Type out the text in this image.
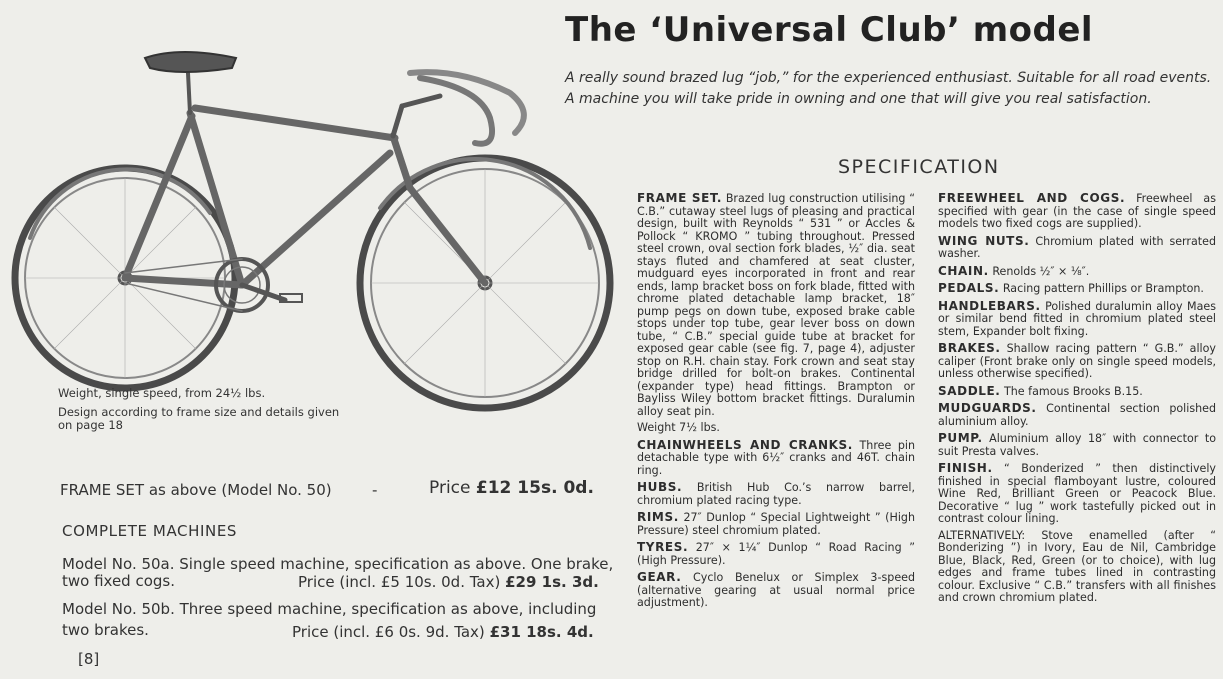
The ‘Universal Club’ model
A really sound brazed lug “job,” for the experienced enthusiast. Suitable for all road events.
A machine you will take pride in owning and one that will give you real satisfaction.
SPECIFICATION

FRAME SET. Brazed lug construction utilising “ C.B.” cutaway steel lugs of pleasing and practical design, built with Reynolds “ 531 ” or Accles & Pollock “ KROMO ” tubing throughout. Pressed steel crown, oval section fork blades, ½″ dia. seat stays fluted and chamfered at seat cluster, mudguard eyes incorporated in front and rear ends, lamp bracket boss on fork blade, fitted with chrome plated detachable lamp bracket, 18″ pump pegs on down tube, exposed brake cable stops under top tube, gear lever boss on down tube, “ C.B.” special guide tube at bracket for exposed gear cable (see fig. 7, page 4), adjuster stop on R.H. chain stay. Fork crown and seat stay bridge drilled for bolt-on brakes. Continental (expander type) head fittings. Brampton or Bayliss Wiley bottom bracket fittings. Duralumin alloy seat pin.

Weight 7½ lbs.

CHAINWHEELS AND CRANKS. Three pin detachable type with 6½″ cranks and 46T. chain ring.

HUBS. British Hub Co.’s narrow barrel, chromium plated racing type.

RIMS. 27″ Dunlop “ Special Lightweight ” (High Pressure) steel chromium plated.

TYRES. 27″ × 1¼″ Dunlop “ Road Racing ” (High Pressure).

GEAR. Cyclo Benelux or Simplex 3-speed (alternative gearing at usual normal price adjustment).

FREEWHEEL AND COGS. Freewheel as specified with gear (in the case of single speed models two fixed cogs are supplied).

WING NUTS. Chromium plated with serrated washer.

CHAIN. Renolds ½″ × ⅛″.

PEDALS. Racing pattern Phillips or Brampton.

HANDLEBARS. Polished duralumin alloy Maes or similar bend fitted in chromium plated steel stem, Expander bolt fixing.

BRAKES. Shallow racing pattern “ G.B.” alloy caliper (Front brake only on single speed models, unless otherwise specified).

SADDLE. The famous Brooks B.15.

MUDGUARDS. Continental section polished aluminium alloy.

PUMP. Aluminium alloy 18″ with connector to suit Presta valves.

FINISH. “ Bonderized ” then distinctively finished in special flamboyant lustre, coloured Wine Red, Brilliant Green or Peacock Blue. Decorative “ lug ” work tastefully picked out in contrast colour lining.

ALTERNATIVELY: Stove enamelled (after “ Bonderizing ”) in Ivory, Eau de Nil, Cambridge Blue, Black, Red, Green (or to choice), with lug edges and frame tubes lined in contrasting colour. Exclusive “ C.B.” transfers with all finishes and crown chromium plated.

Weight, single speed, from 24½ lbs.
Design according to frame size and details given
on page 18
FRAME SET as above (Model No. 50)	-	Price £12 15s. 0d.
COMPLETE MACHINES
Model No. 50a. Single speed machine, specification as above. One brake,
two fixed cogs.	Price (incl. £5 10s. 0d. Tax) £29 1s. 3d.
Model No. 50b. Three speed machine, specification as above, including
two brakes.	Price (incl. £6 0s. 9d. Tax) £31 18s. 4d.
[8]
